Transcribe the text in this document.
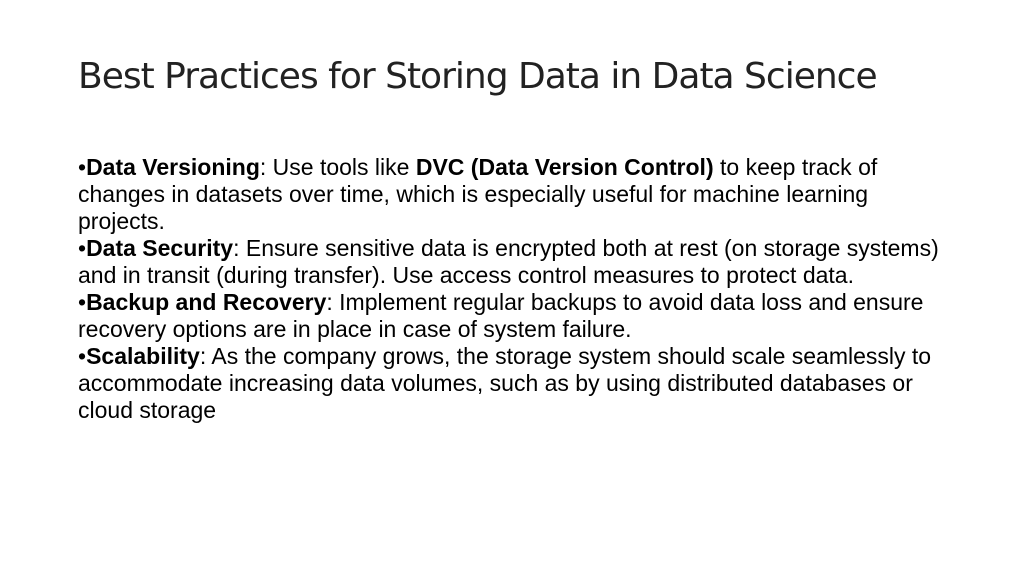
Best Practices for Storing Data in Data Science
•Data Versioning: Use tools like DVC (Data Version Control) to keep track of changes in datasets over time, which is especially useful for machine learning projects.
•Data Security: Ensure sensitive data is encrypted both at rest (on storage systems) and in transit (during transfer). Use access control measures to protect data.
•Backup and Recovery: Implement regular backups to avoid data loss and ensure recovery options are in place in case of system failure.
•Scalability: As the company grows, the storage system should scale seamlessly to accommodate increasing data volumes, such as by using distributed databases or cloud storage
